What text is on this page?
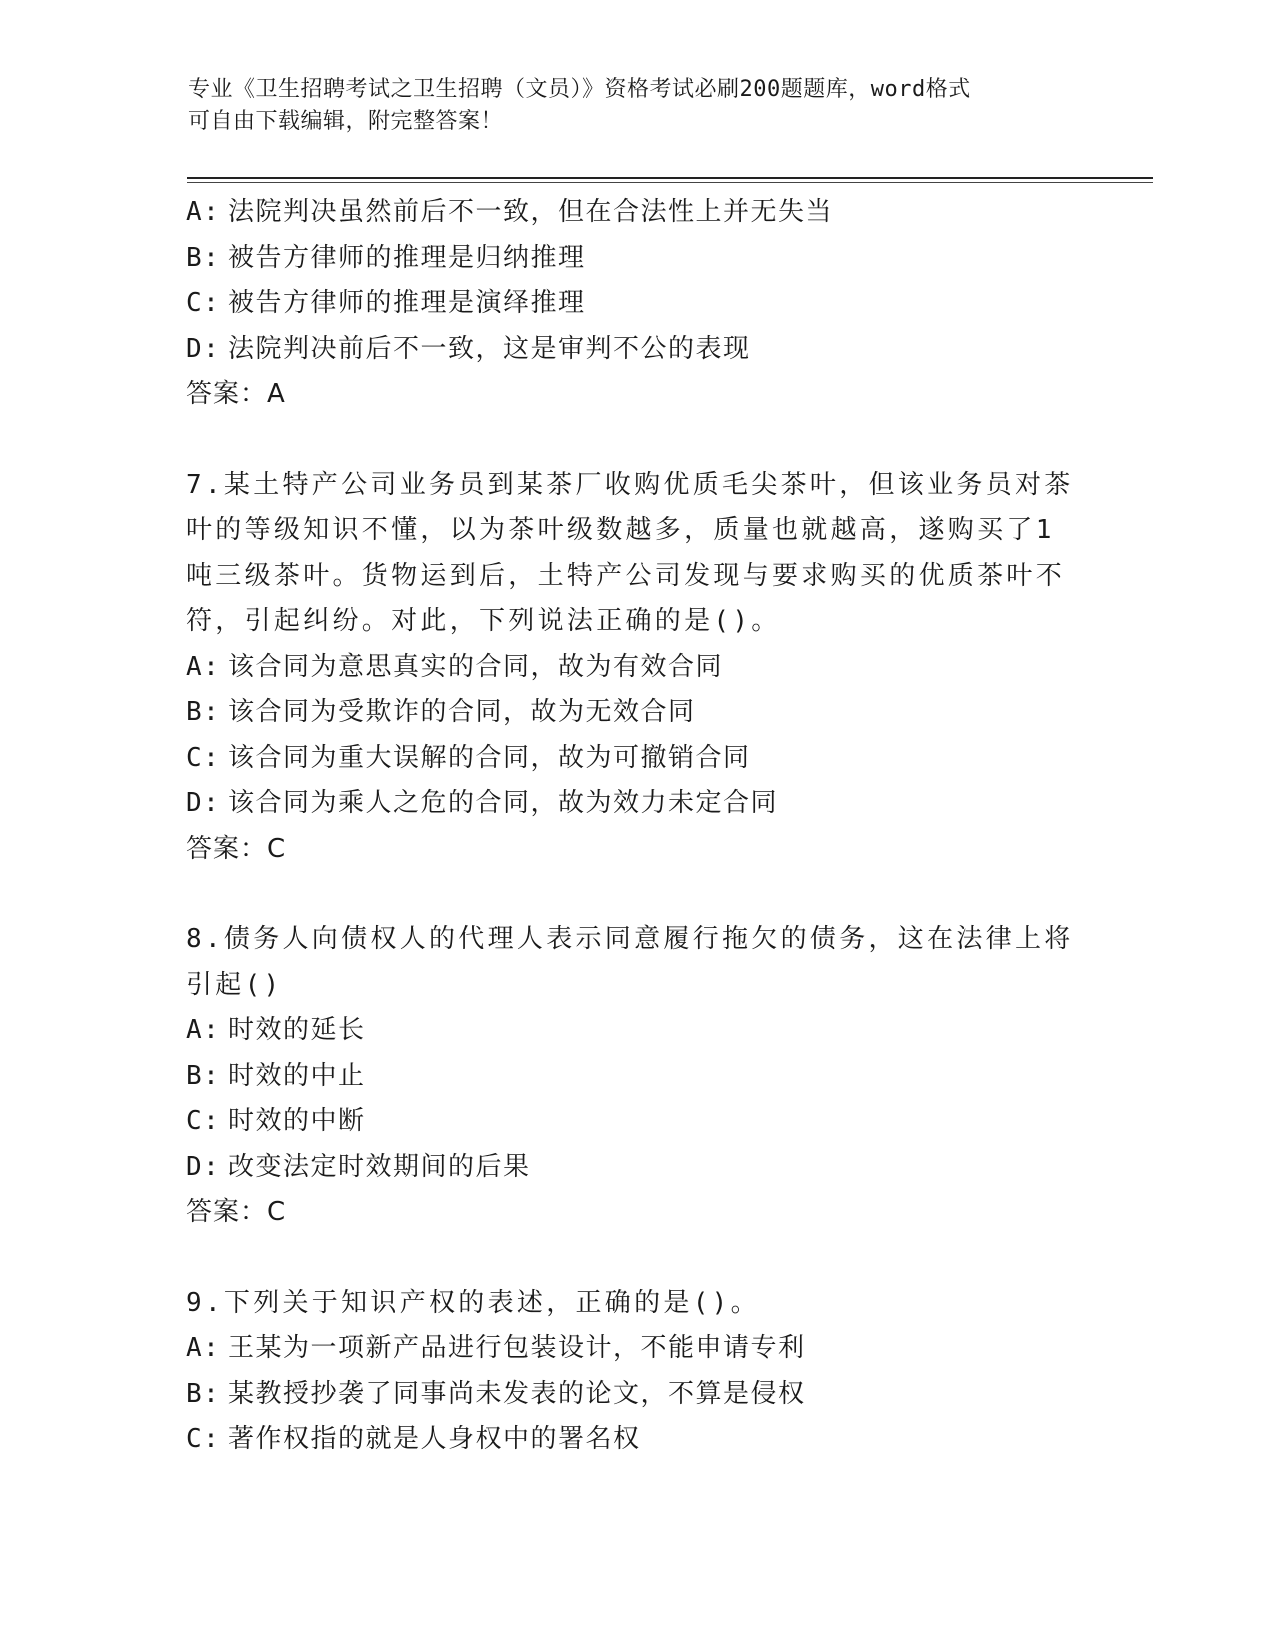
专业《卫生招聘考试之卫生招聘（文员）》资格考试必刷200题题库，word格式
可自由下载编辑，附完整答案！
A: 法院判决虽然前后不一致，但在合法性上并无失当
B: 被告方律师的推理是归纳推理
C: 被告方律师的推理是演绎推理
D: 法院判决前后不一致，这是审判不公的表现
答案：A
7.某土特产公司业务员到某茶厂收购优质毛尖茶叶，但该业务员对茶
叶的等级知识不懂，以为茶叶级数越多，质量也就越高，遂购买了1
吨三级茶叶。货物运到后，土特产公司发现与要求购买的优质茶叶不
符，引起纠纷。对此，下列说法正确的是()。
A: 该合同为意思真实的合同，故为有效合同
B: 该合同为受欺诈的合同，故为无效合同
C: 该合同为重大误解的合同，故为可撤销合同
D: 该合同为乘人之危的合同，故为效力未定合同
答案：C
8.债务人向债权人的代理人表示同意履行拖欠的债务，这在法律上将
引起()
A: 时效的延长
B: 时效的中止
C: 时效的中断
D: 改变法定时效期间的后果
答案：C
9.下列关于知识产权的表述，正确的是()。
A: 王某为一项新产品进行包装设计，不能申请专利
B: 某教授抄袭了同事尚未发表的论文，不算是侵权
C: 著作权指的就是人身权中的署名权
